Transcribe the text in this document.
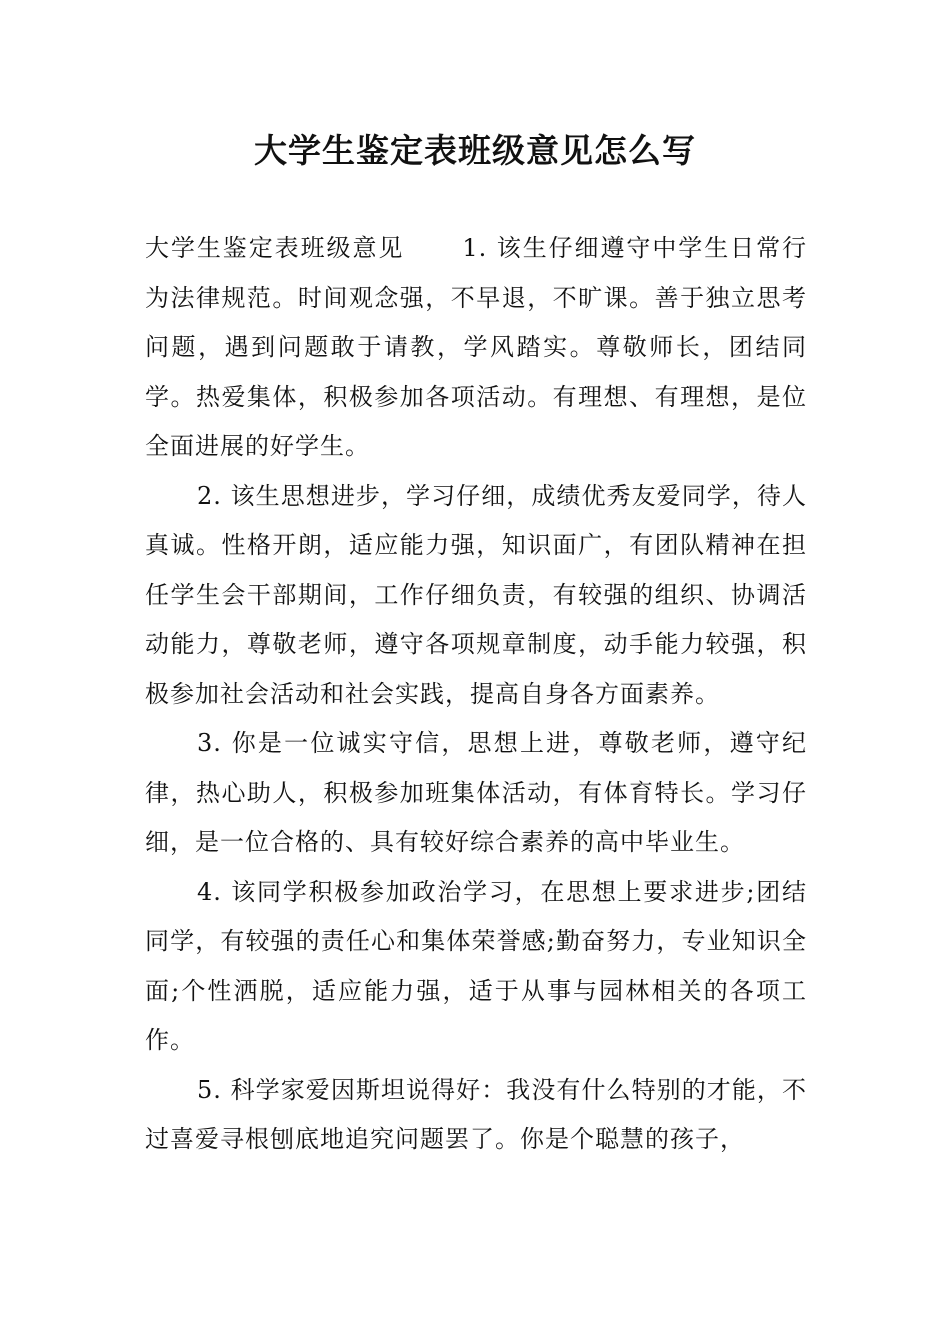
大学生鉴定表班级意见怎么写

大学生鉴定表班级意见 1. 该生仔细遵守中学生日常行为法律规范。时间观念强，不早退，不旷课。善于独立思考问题，遇到问题敢于请教，学风踏实。尊敬师长，团结同学。热爱集体，积极参加各项活动。有理想、有理想，是位全面进展的好学生。

2. 该生思想进步，学习仔细，成绩优秀友爱同学，待人真诚。性格开朗，适应能力强，知识面广，有团队精神在担任学生会干部期间，工作仔细负责，有较强的组织、协调活动能力，尊敬老师，遵守各项规章制度，动手能力较强，积极参加社会活动和社会实践，提高自身各方面素养。

3. 你是一位诚实守信，思想上进，尊敬老师，遵守纪律，热心助人，积极参加班集体活动，有体育特长。学习仔细，是一位合格的、具有较好综合素养的高中毕业生。

4. 该同学积极参加政治学习，在思想上要求进步;团结同学，有较强的责任心和集体荣誉感;勤奋努力，专业知识全面;个性洒脱，适应能力强，适于从事与园林相关的各项工作。

5. 科学家爱因斯坦说得好：我没有什么特别的才能，不过喜爱寻根刨底地追究问题罢了。你是个聪慧的孩子，
